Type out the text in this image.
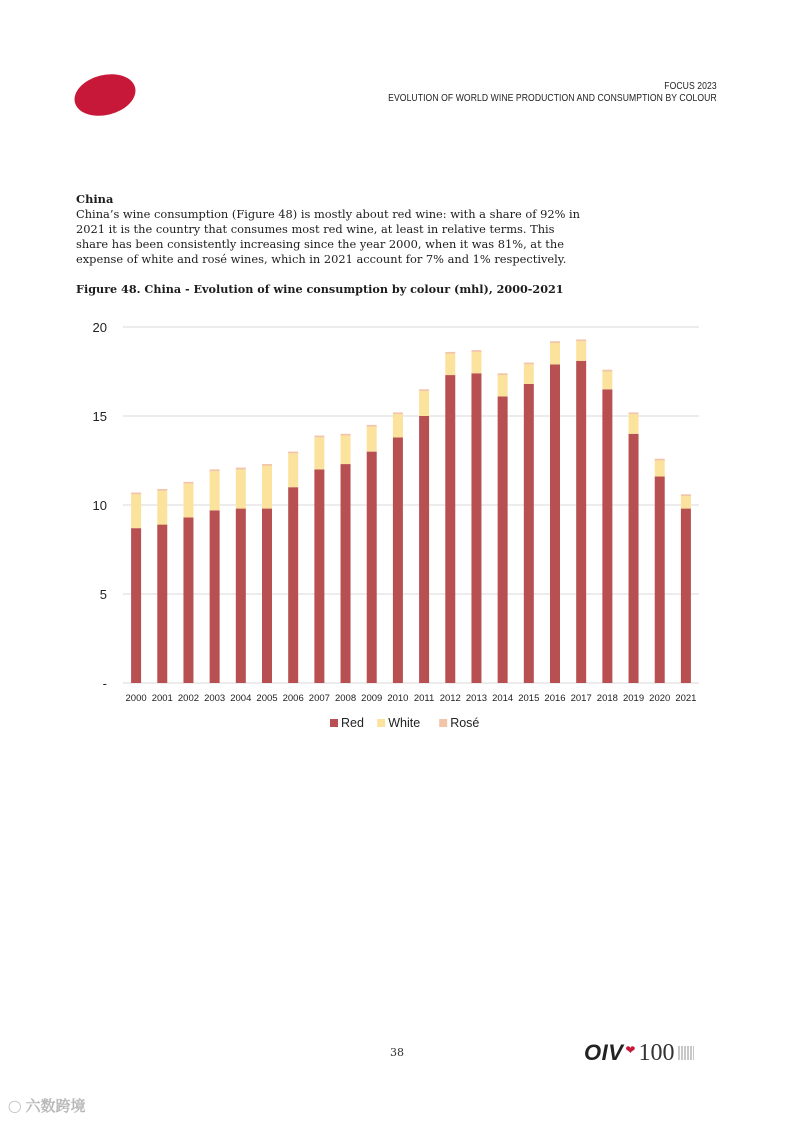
FOCUS 2023
EVOLUTION OF WORLD WINE PRODUCTION AND CONSUMPTION BY COLOUR
China

China’s wine consumption (Figure 48) is mostly about red wine: with a share of 92% in 2021 it is the country that consumes most red wine, at least in relative terms. This share has been consistently increasing since the year 2000, when it was 81%, at the expense of white and rosé wines, which in 2021 account for 7% and 1% respectively.

Figure 48. China - Evolution of wine consumption by colour (mhl), 2000-2021
-
5
10
15
20
2000 2001 2002 2003 2004 2005 2006 2007 2008 2009 2010 2011 2012 2013 2014 2015 2016 2017 2018 2019 2020 2021
Red White Rosé
38	OIV ❤ 100
◯ 六数跨境
